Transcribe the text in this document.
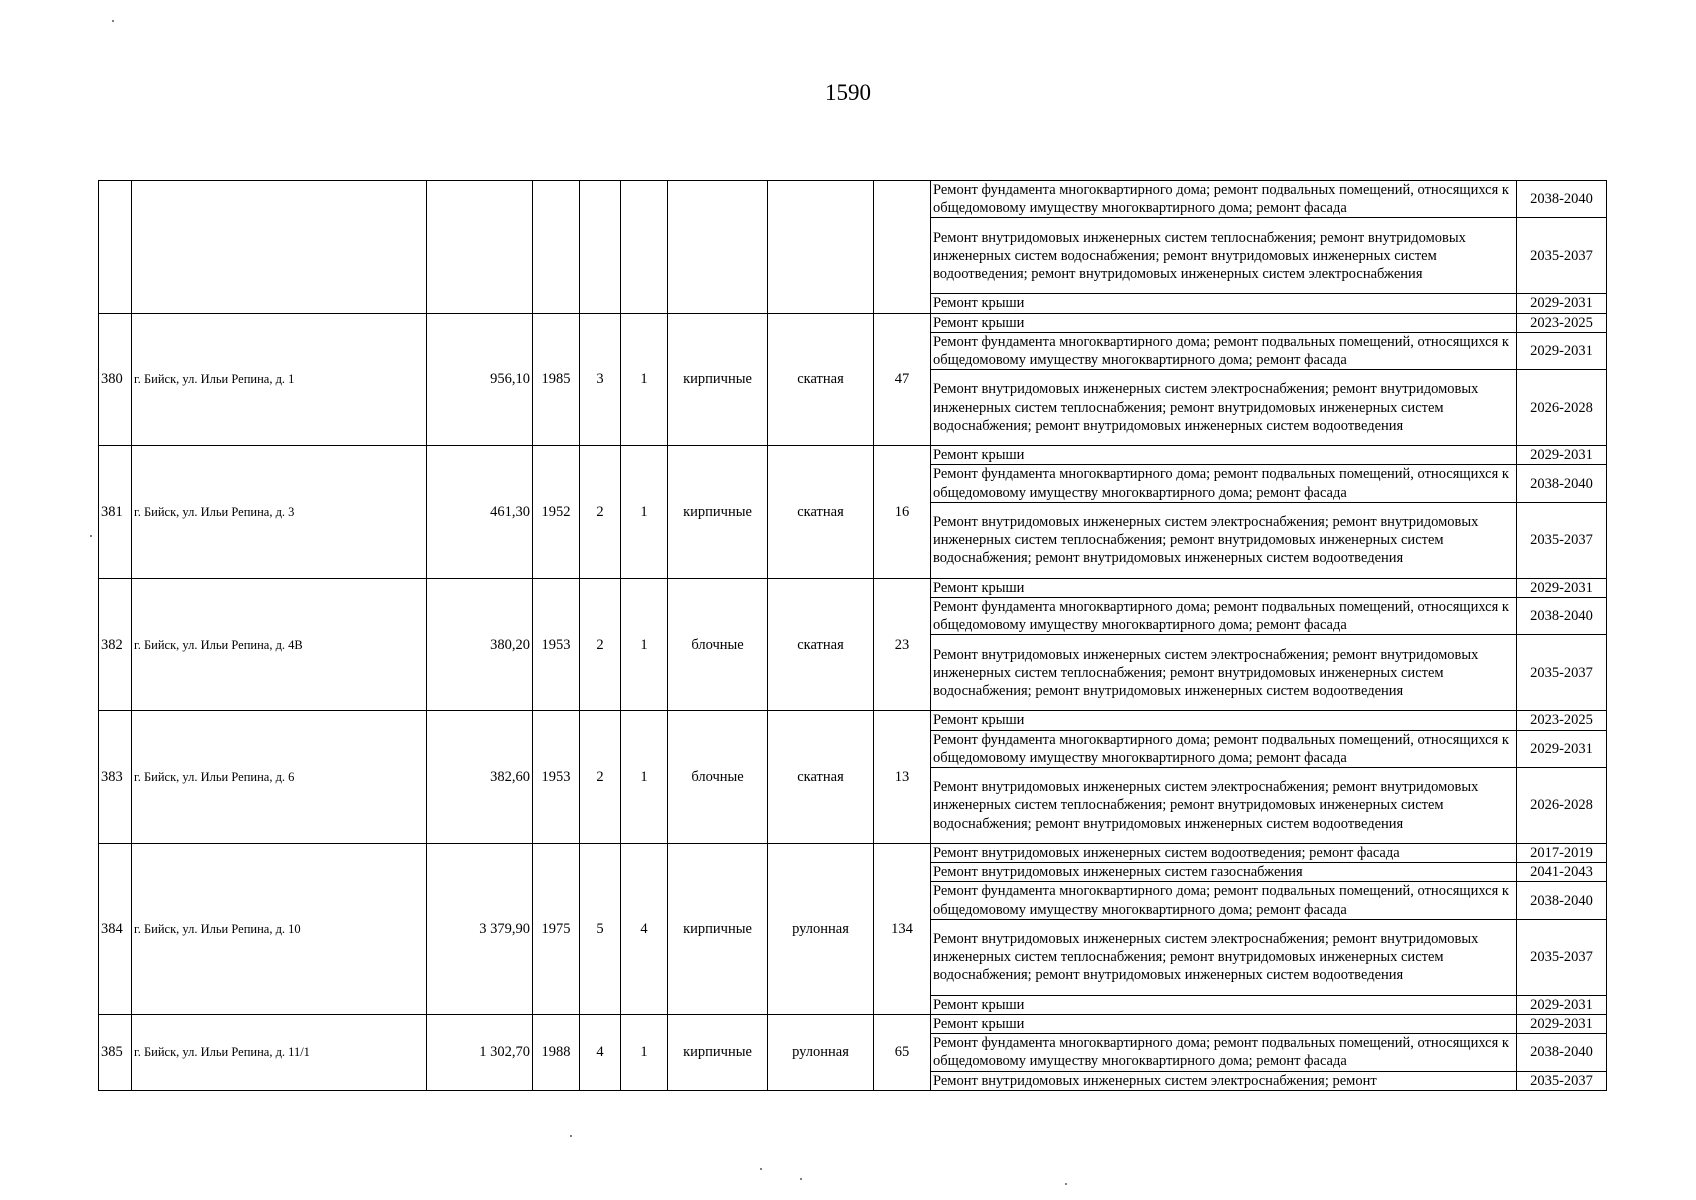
1590
									Ремонт фундамента многоквартирного дома; ремонт подвальных помещений, относящихся к общедомовому имуществу многоквартирного дома; ремонт фасада	2038-2040
									Ремонт внутридомовых инженерных систем теплоснабжения; ремонт внутридомовых инженерных систем водоснабжения; ремонт внутридомовых инженерных систем водоотведения; ремонт внутридомовых инженерных систем электроснабжения	2035-2037
									Ремонт крыши	2029-2031
380	г. Бийск, ул. Ильи Репина, д. 1	956,10	1985	3	1	кирпичные	скатная	47	Ремонт крыши	2023-2025
									Ремонт фундамента многоквартирного дома; ремонт подвальных помещений, относящихся к общедомовому имуществу многоквартирного дома; ремонт фасада	2029-2031
									Ремонт внутридомовых инженерных систем электроснабжения; ремонт внутридомовых инженерных систем теплоснабжения; ремонт внутридомовых инженерных систем водоснабжения; ремонт внутридомовых инженерных систем водоотведения	2026-2028
381	г. Бийск, ул. Ильи Репина, д. 3	461,30	1952	2	1	кирпичные	скатная	16	Ремонт крыши	2029-2031
									Ремонт фундамента многоквартирного дома; ремонт подвальных помещений, относящихся к общедомовому имуществу многоквартирного дома; ремонт фасада	2038-2040
									Ремонт внутридомовых инженерных систем электроснабжения; ремонт внутридомовых инженерных систем теплоснабжения; ремонт внутридомовых инженерных систем водоснабжения; ремонт внутридомовых инженерных систем водоотведения	2035-2037
382	г. Бийск, ул. Ильи Репина, д. 4В	380,20	1953	2	1	блочные	скатная	23	Ремонт крыши	2029-2031
									Ремонт фундамента многоквартирного дома; ремонт подвальных помещений, относящихся к общедомовому имуществу многоквартирного дома; ремонт фасада	2038-2040
									Ремонт внутридомовых инженерных систем электроснабжения; ремонт внутридомовых инженерных систем теплоснабжения; ремонт внутридомовых инженерных систем водоснабжения; ремонт внутридомовых инженерных систем водоотведения	2035-2037
383	г. Бийск, ул. Ильи Репина, д. 6	382,60	1953	2	1	блочные	скатная	13	Ремонт крыши	2023-2025
									Ремонт фундамента многоквартирного дома; ремонт подвальных помещений, относящихся к общедомовому имуществу многоквартирного дома; ремонт фасада	2029-2031
									Ремонт внутридомовых инженерных систем электроснабжения; ремонт внутридомовых инженерных систем теплоснабжения; ремонт внутридомовых инженерных систем водоснабжения; ремонт внутридомовых инженерных систем водоотведения	2026-2028
384	г. Бийск, ул. Ильи Репина, д. 10	3 379,90	1975	5	4	кирпичные	рулонная	134	Ремонт внутридомовых инженерных систем водоотведения; ремонт фасада	2017-2019
									Ремонт внутридомовых инженерных систем газоснабжения	2041-2043
									Ремонт фундамента многоквартирного дома; ремонт подвальных помещений, относящихся к общедомовому имуществу многоквартирного дома; ремонт фасада	2038-2040
									Ремонт внутридомовых инженерных систем электроснабжения; ремонт внутридомовых инженерных систем теплоснабжения; ремонт внутридомовых инженерных систем водоснабжения; ремонт внутридомовых инженерных систем водоотведения	2035-2037
									Ремонт крыши	2029-2031
385	г. Бийск, ул. Ильи Репина, д. 11/1	1 302,70	1988	4	1	кирпичные	рулонная	65	Ремонт крыши	2029-2031
									Ремонт фундамента многоквартирного дома; ремонт подвальных помещений, относящихся к общедомовому имуществу многоквартирного дома; ремонт фасада	2038-2040
									Ремонт внутридомовых инженерных систем электроснабжения; ремонт	2035-2037
